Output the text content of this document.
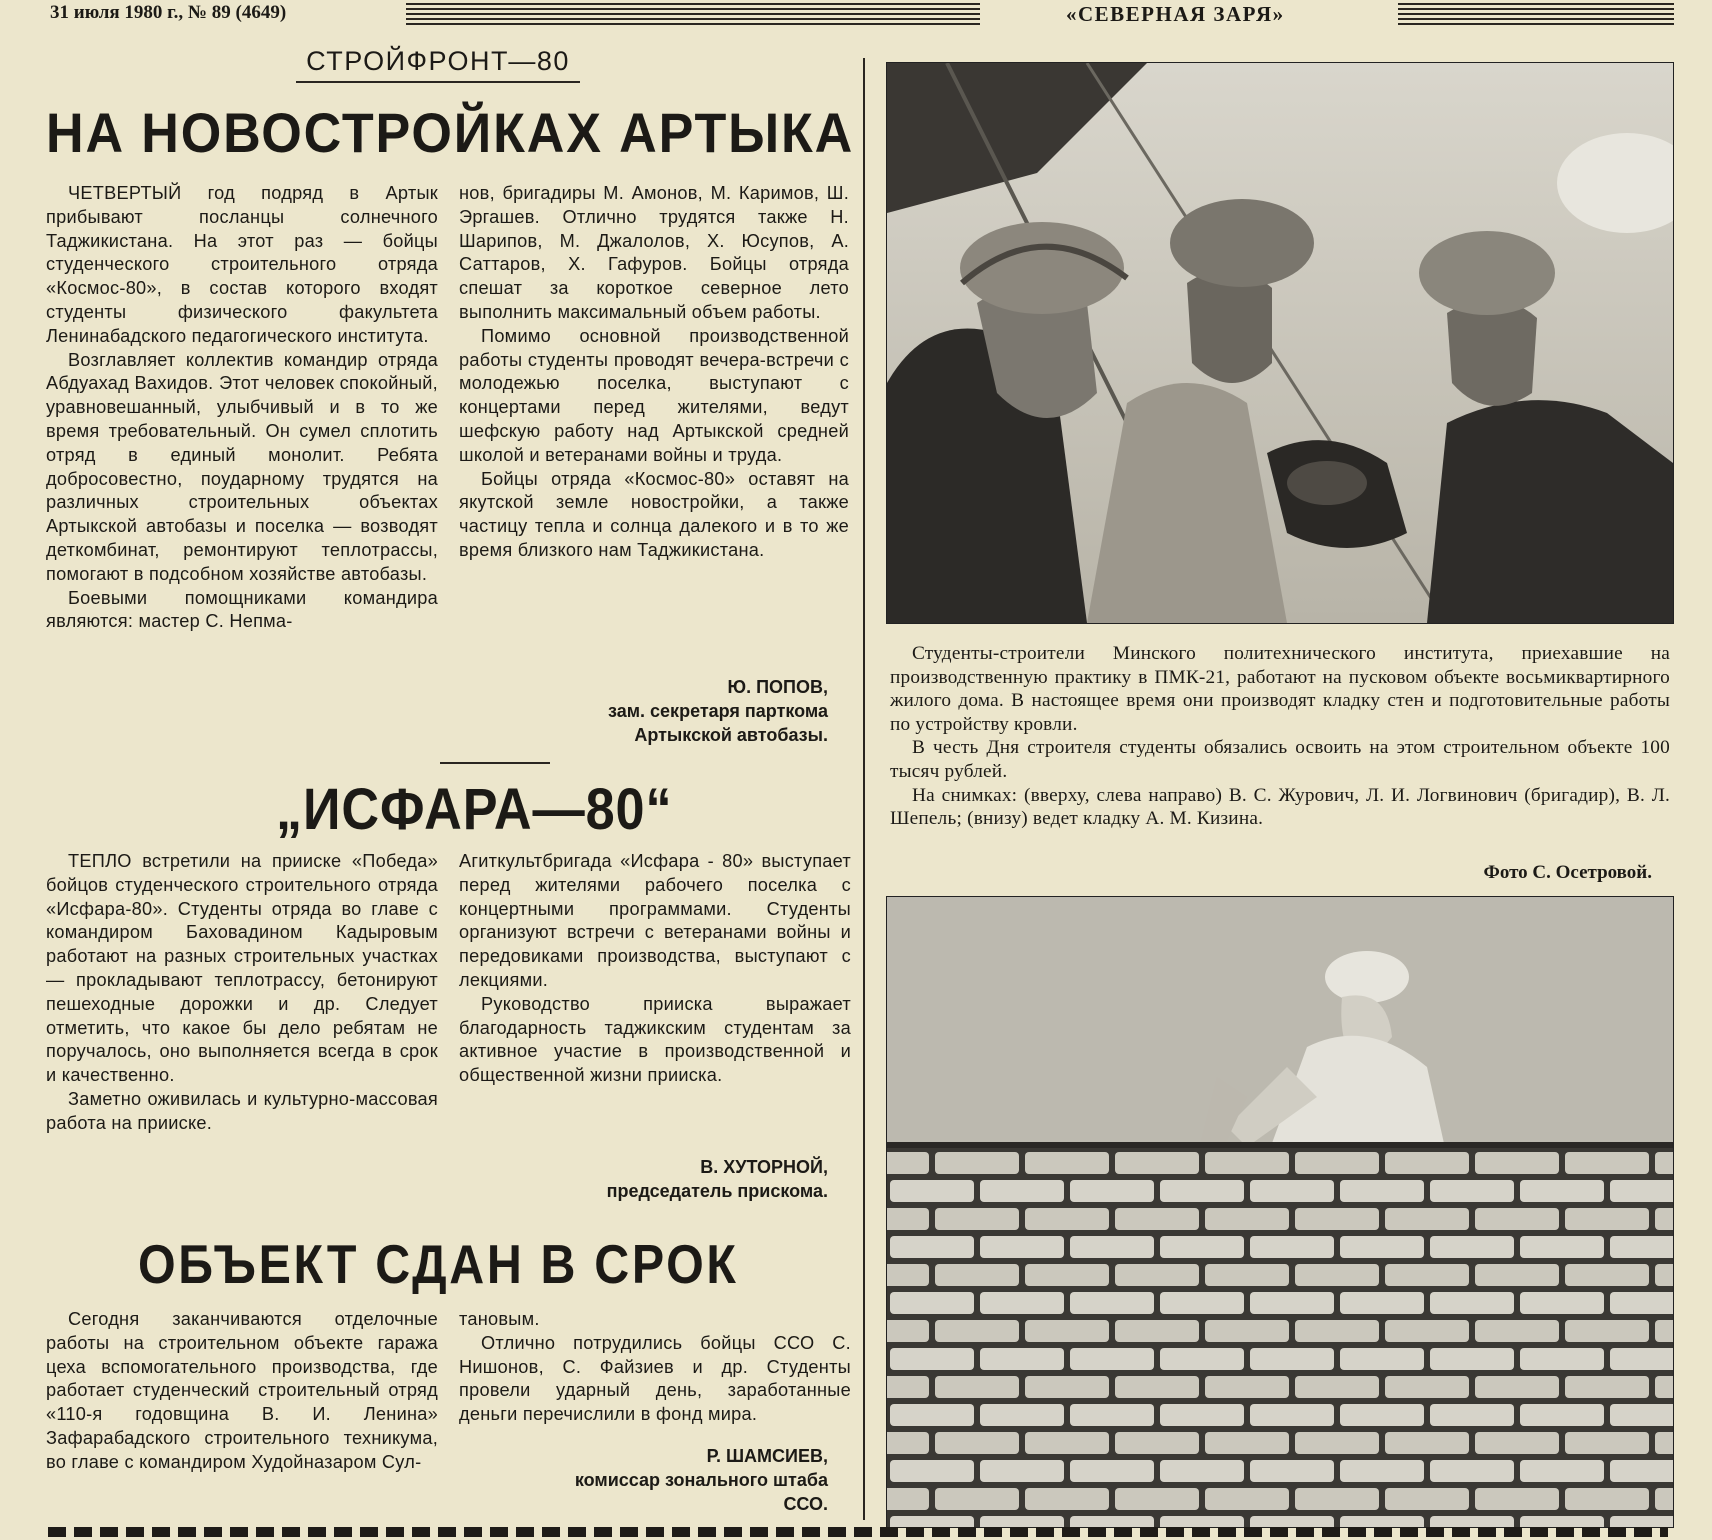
31 июля 1980 г., № 89 (4649)	«СЕВЕРНАЯ ЗАРЯ»
СТРОЙФРОНТ—80
НА НОВОСТРОЙКАХ АРТЫКА

ЧЕТВЕРТЫЙ год подряд в Артык прибывают посланцы солнечного Таджикистана. На этот раз — бойцы студенческого строительного отряда «Космос-80», в состав которого входят студенты физического факультета Ленинабадского педагогического института.

Возглавляет коллектив командир отряда Абдуахад Вахидов. Этот человек спокойный, уравновешанный, улыбчивый и в то же время требовательный. Он сумел сплотить отряд в единый монолит. Ребята добросовестно, поударному трудятся на различных строительных объектах Артыкской автобазы и поселка — возводят деткомбинат, ремонтируют теплотрассы, помогают в подсобном хозяйстве автобазы.

Боевыми помощниками командира являются: мастер С. Непма-

нов, бригадиры М. Амонов, М. Каримов, Ш. Эргашев. Отлично трудятся также Н. Шарипов, М. Джалолов, Х. Юсупов, А. Саттаров, Х. Гафуров. Бойцы отряда спешат за короткое северное лето выполнить максимальный объем работы.

Помимо основной производственной работы студенты проводят вечера-встречи с молодежью поселка, выступают с концертами перед жителями, ведут шефскую работу над Артыкской средней школой и ветеранами войны и труда.

Бойцы отряда «Космос-80» оставят на якутской земле новостройки, а также частицу тепла и солнца далекого и в то же время близкого нам Таджикистана.

Ю. ПОПОВ,
зам. секретаря парткома
Артыкской автобазы.
„ИСФАРА—80“

ТЕПЛО встретили на прииске «Победа» бойцов студенческого строительного отряда «Исфара-80». Студенты отряда во главе с командиром Баховадином Кадыровым работают на разных строительных участках — прокладывают теплотрассу, бетонируют пешеходные дорожки и др. Следует отметить, что какое бы дело ребятам не поручалось, оно выполняется всегда в срок и качественно.

Заметно оживилась и культурно-массовая работа на прииске.

Агиткультбригада «Исфара - 80» выступает перед жителями рабочего поселка с концертными программами. Студенты организуют встречи с ветеранами войны и передовиками производства, выступают с лекциями.

Руководство прииска выражает благодарность таджикским студентам за активное участие в производственной и общественной жизни прииска.

В. ХУТОРНОЙ,
председатель прискома.
ОБЪЕКТ СДАН В СРОК

Сегодня заканчиваются отделочные работы на строительном объекте гаража цеха вспомогательного производства, где работает студенческий строительный отряд «110-я годовщина В. И. Ленина» Зафарабадского строительного техникума, во главе с командиром Худойназаром Сул-

тановым.

Отлично потрудились бойцы ССО С. Нишонов, С. Файзиев и др. Студенты провели ударный день, заработанные деньги перечислили в фонд мира.

Р. ШАМСИЕВ,
комиссар зонального штаба
ССО.

Студенты-строители Минского политехнического института, приехавшие на производственную практику в ПМК-21, работают на пусковом объекте восьмиквартирного жилого дома. В настоящее время они производят кладку стен и подготовительные работы по устройству кровли.

В честь Дня строителя студенты обязались освоить на этом строительном объекте 100 тысяч рублей.

На снимках: (вверху, слева направо) В. С. Журович, Л. И. Логвинович (бригадир), В. Л. Шепель; (внизу) ведет кладку А. М. Кизина.

Фото С. Осетровой.
